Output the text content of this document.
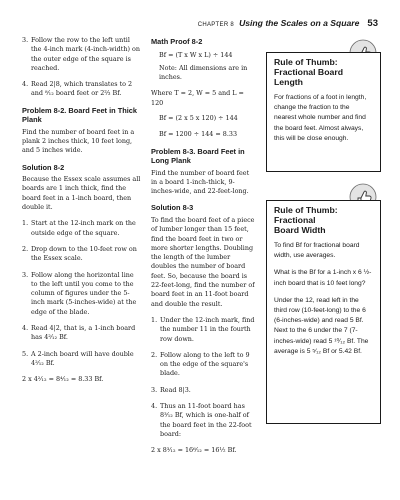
CHAPTER 8 Using the Scales on a Square 53
3. Follow the row to the left until the 4-inch mark (4-inch-width) on the outer edge of the square is reached.
4. Read 2|8, which translates to 2 and ⁸⁄₁₂ board feet or 2⅔ Bf.
Problem 8-2. Board Feet in Thick Plank
Find the number of board feet in a plank 2 inches thick, 10 feet long, and 5 inches wide.
Solution 8-2
Because the Essex scale assumes all boards are 1 inch thick, find the board feet in a 1-inch board, then double it.
1. Start at the 12-inch mark on the outside edge of the square.
2. Drop down to the 10-feet row on the Essex scale.
3. Follow along the horizontal line to the left until you come to the column of figures under the 5-inch mark (5-inches-wide) at the edge of the blade.
4. Read 4|2, that is, a 1-inch board has 4²⁄₁₂ Bf.
5. A 2-inch board will have double 4²⁄₁₂ Bf.
2 x 4²⁄₁₂ = 8⁴⁄₁₂ = 8.33 Bf.
Math Proof 8-2
Bf = (T x W x L) ÷ 144
Note: All dimensions are in inches.
Where T = 2, W = 5 and L = 120
Bf = (2 x 5 x 120) ÷ 144
Bf = 1200 ÷ 144 = 8.33
Problem 8-3. Board Feet in Long Plank
Find the number of board feet in a board 1-inch-thick, 9-inches-wide, and 22-feet-long.
Solution 8-3
To find the board feet of a piece of lumber longer than 15 feet, find the board feet in two or more shorter lengths. Doubling the length of the lumber doubles the number of board feet. So, because the board is 22-feet-long, find the number of board feet in an 11-foot board and double the result.
1. Under the 12-inch mark, find the number 11 in the fourth row down.
2. Follow along to the left to 9 on the edge of the square's blade.
3. Read 8|3.
4. Thus an 11-foot board has 8³⁄₁₂ Bf, which is one-half of the board feet in the 22-foot board:
2 x 8³⁄₁₂ = 16⁶⁄₁₂ = 16½ Bf.
Rule of Thumb:
Fractional Board
Length
For fractions of a foot in length, change the fraction to the nearest whole number and find the board feet. Almost always, this will be close enough.
Rule of Thumb:
Fractional
Board Width
To find Bf for fractional board width, use averages.
What is the Bf for a 1-inch x 6 ½-inch board that is 10 feet long?
Under the 12, read left in the third row (10-feet-long) to the 6 (6-inches-wide) and read 5 Bf. Next to the 6 under the 7 (7-inches-wide) read 5 ¹⁰⁄₁₂ Bf. The average is 5 ⁵⁄₁₂ Bf or 5.42 Bf.
